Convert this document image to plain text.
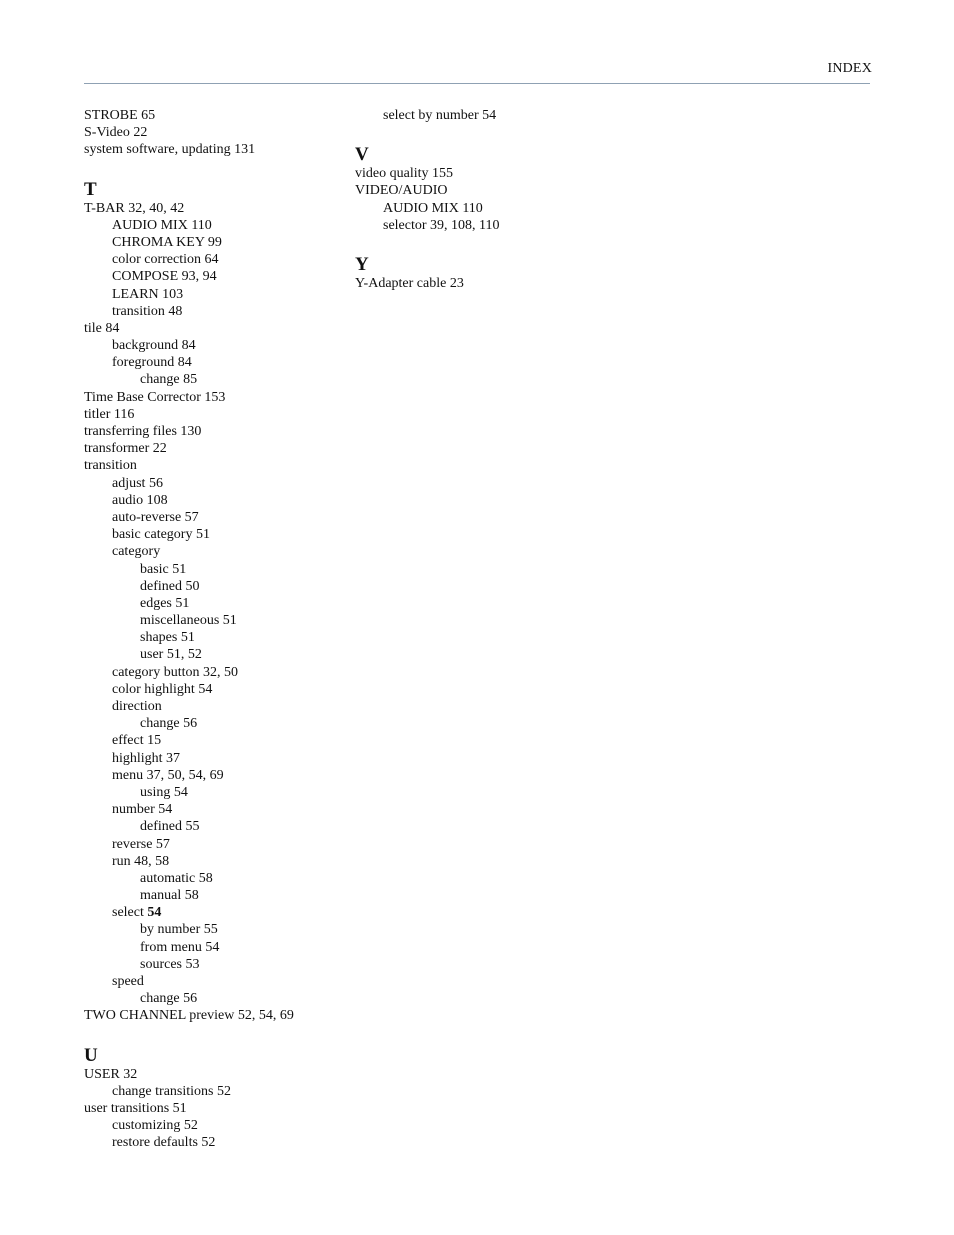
INDEX
STROBE 65
S-Video 22
system software, updating 131
T
T-BAR 32, 40, 42
AUDIO MIX 110
CHROMA KEY 99
color correction 64
COMPOSE 93, 94
LEARN 103
transition 48
tile 84
background 84
foreground 84
change 85
Time Base Corrector 153
titler 116
transferring files 130
transformer 22
transition
adjust 56
audio 108
auto-reverse 57
basic category 51
category
basic 51
defined 50
edges 51
miscellaneous 51
shapes 51
user 51, 52
category button 32, 50
color highlight 54
direction
change 56
effect 15
highlight 37
menu 37, 50, 54, 69
using 54
number 54
defined 55
reverse 57
run 48, 58
automatic 58
manual 58
select 54
by number 55
from menu 54
sources 53
speed
change 56
TWO CHANNEL preview 52, 54, 69
U
USER 32
change transitions 52
user transitions 51
customizing 52
restore defaults 52
select by number 54
V
video quality 155
VIDEO/AUDIO
AUDIO MIX 110
selector 39, 108, 110
Y
Y-Adapter cable 23
